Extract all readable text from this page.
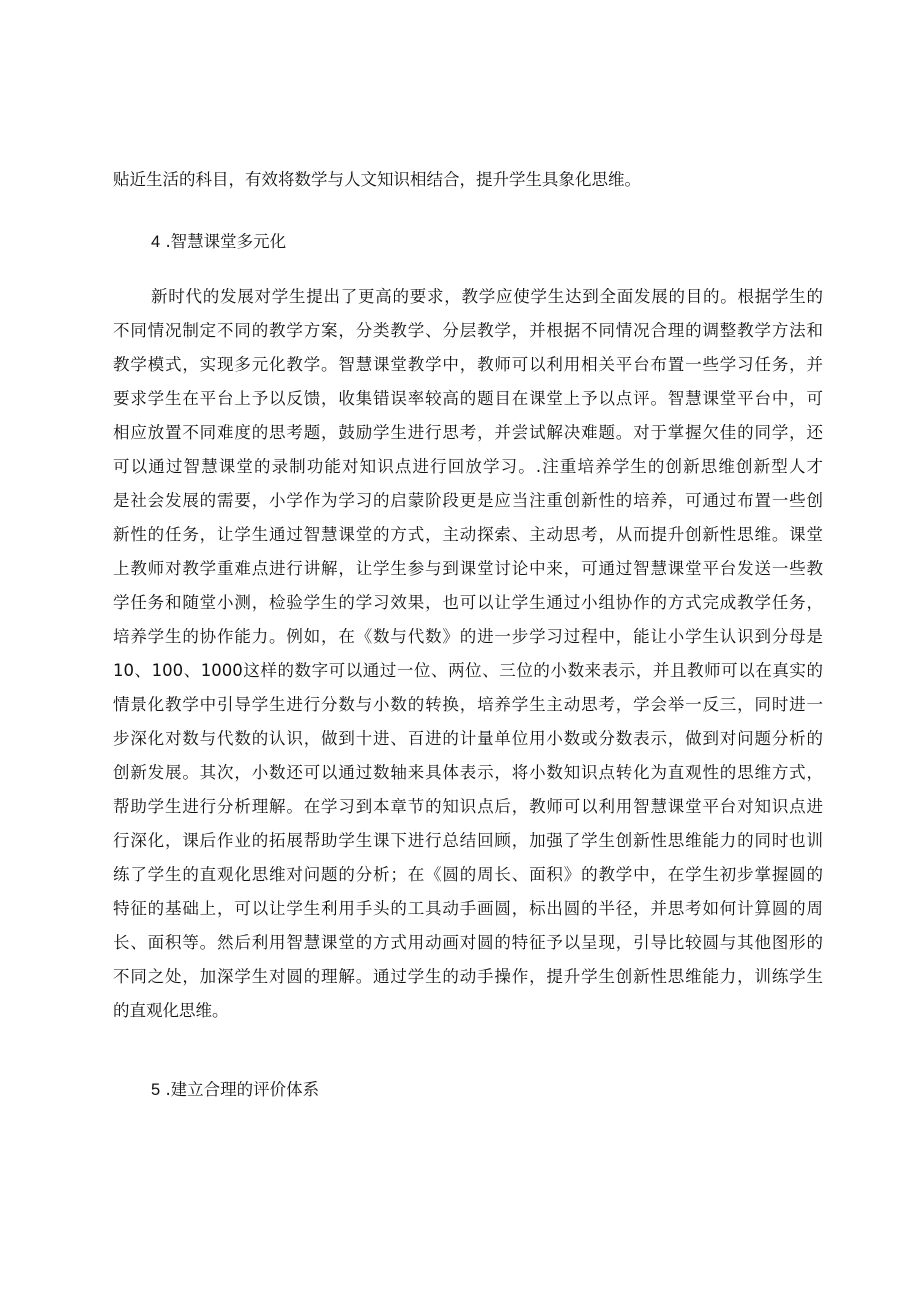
贴近生活的科目，有效将数学与人文知识相结合，提升学生具象化思维。
4 .智慧课堂多元化
新时代的发展对学生提出了更高的要求，教学应使学生达到全面发展的目的。根据学生的
不同情况制定不同的教学方案，分类教学、分层教学，并根据不同情况合理的调整教学方法和
教学模式，实现多元化教学。智慧课堂教学中，教师可以利用相关平台布置一些学习任务，并
要求学生在平台上予以反馈，收集错误率较高的题目在课堂上予以点评。智慧课堂平台中，可
相应放置不同难度的思考题，鼓励学生进行思考，并尝试解决难题。对于掌握欠佳的同学，还
可以通过智慧课堂的录制功能对知识点进行回放学习。.注重培养学生的创新思维创新型人才
是社会发展的需要，小学作为学习的启蒙阶段更是应当注重创新性的培养，可通过布置一些创
新性的任务，让学生通过智慧课堂的方式，主动探索、主动思考，从而提升创新性思维。课堂
上教师对教学重难点进行讲解，让学生参与到课堂讨论中来，可通过智慧课堂平台发送一些教
学任务和随堂小测，检验学生的学习效果，也可以让学生通过小组协作的方式完成教学任务，
培养学生的协作能力。例如，在《数与代数》的进一步学习过程中，能让小学生认识到分母是
10、100、1000这样的数字可以通过一位、两位、三位的小数来表示，并且教师可以在真实的
情景化教学中引导学生进行分数与小数的转换，培养学生主动思考，学会举一反三，同时进一
步深化对数与代数的认识，做到十进、百进的计量单位用小数或分数表示，做到对问题分析的
创新发展。其次，小数还可以通过数轴来具体表示，将小数知识点转化为直观性的思维方式，
帮助学生进行分析理解。在学习到本章节的知识点后，教师可以利用智慧课堂平台对知识点进
行深化，课后作业的拓展帮助学生课下进行总结回顾，加强了学生创新性思维能力的同时也训
练了学生的直观化思维对问题的分析；在《圆的周长、面积》的教学中，在学生初步掌握圆的
特征的基础上，可以让学生利用手头的工具动手画圆，标出圆的半径，并思考如何计算圆的周
长、面积等。然后利用智慧课堂的方式用动画对圆的特征予以呈现，引导比较圆与其他图形的
不同之处，加深学生对圆的理解。通过学生的动手操作，提升学生创新性思维能力，训练学生
的直观化思维。
5 .建立合理的评价体系
